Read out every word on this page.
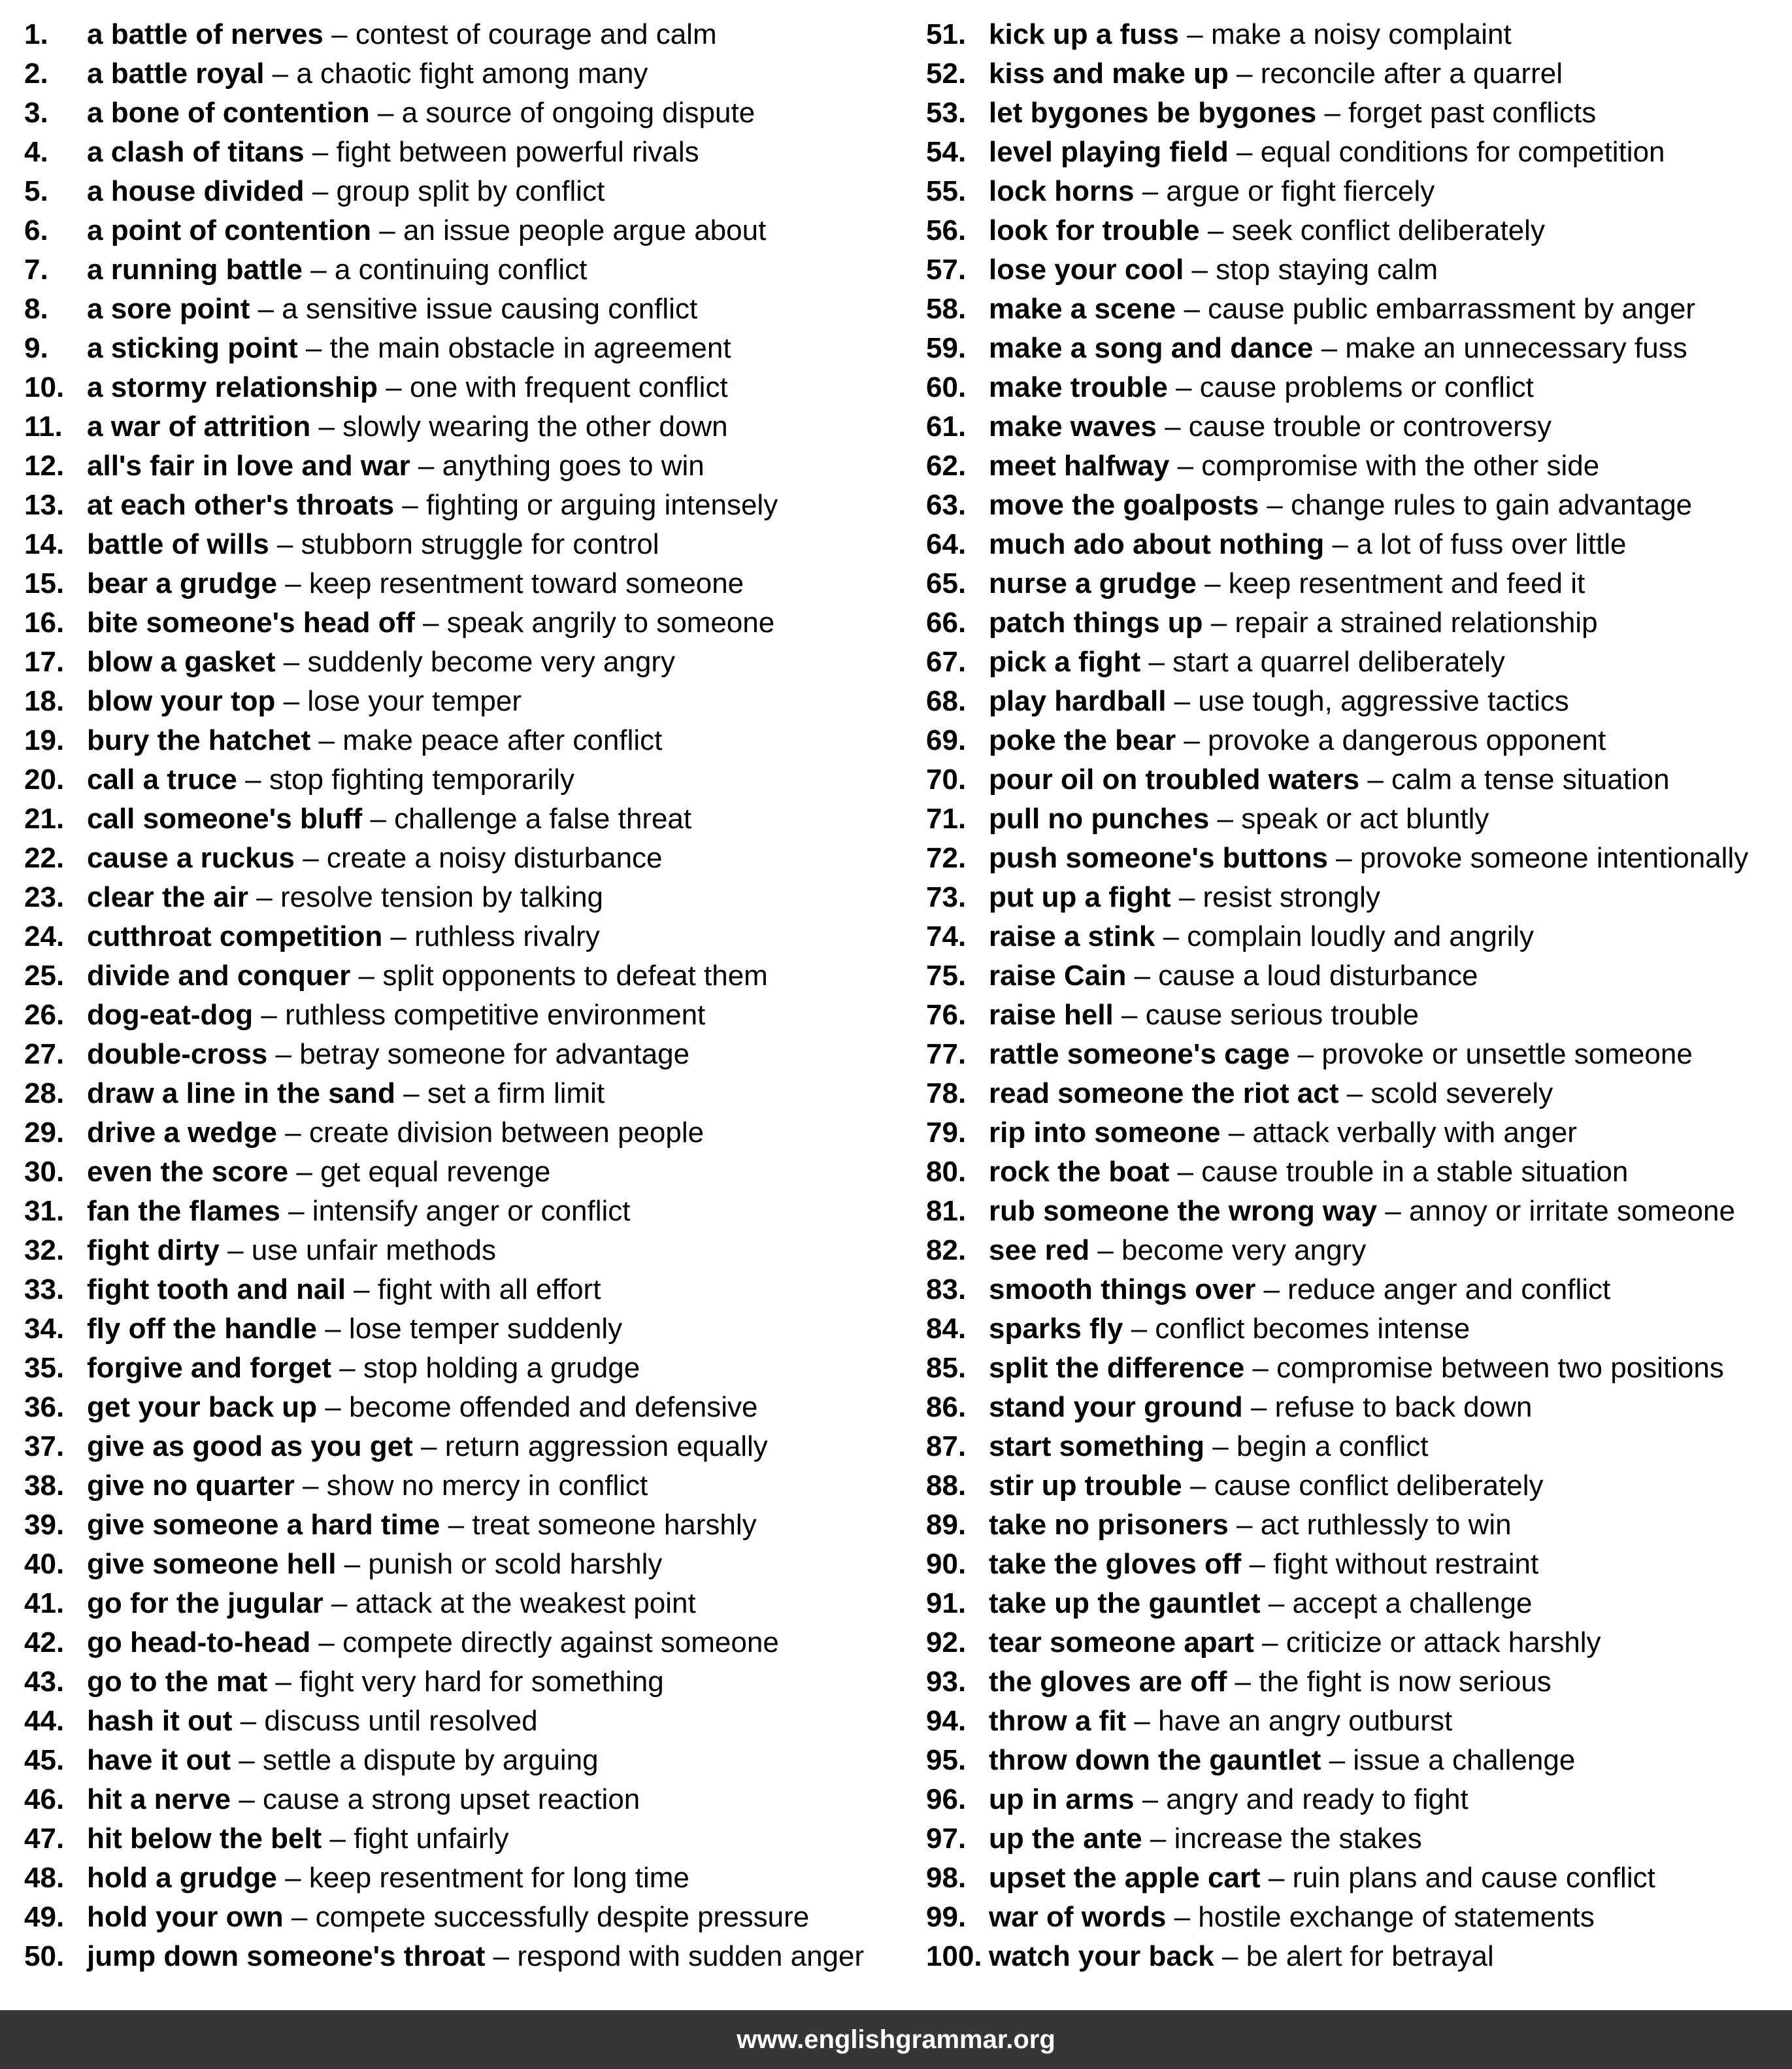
1. a battle of nerves – contest of courage and calm
2. a battle royal – a chaotic fight among many
3. a bone of contention – a source of ongoing dispute
4. a clash of titans – fight between powerful rivals
5. a house divided – group split by conflict
6. a point of contention – an issue people argue about
7. a running battle – a continuing conflict
8. a sore point – a sensitive issue causing conflict
9. a sticking point – the main obstacle in agreement
10. a stormy relationship – one with frequent conflict
11. a war of attrition – slowly wearing the other down
12. all's fair in love and war – anything goes to win
13. at each other's throats – fighting or arguing intensely
14. battle of wills – stubborn struggle for control
15. bear a grudge – keep resentment toward someone
16. bite someone's head off – speak angrily to someone
17. blow a gasket – suddenly become very angry
18. blow your top – lose your temper
19. bury the hatchet – make peace after conflict
20. call a truce – stop fighting temporarily
21. call someone's bluff – challenge a false threat
22. cause a ruckus – create a noisy disturbance
23. clear the air – resolve tension by talking
24. cutthroat competition – ruthless rivalry
25. divide and conquer – split opponents to defeat them
26. dog-eat-dog – ruthless competitive environment
27. double-cross – betray someone for advantage
28. draw a line in the sand – set a firm limit
29. drive a wedge – create division between people
30. even the score – get equal revenge
31. fan the flames – intensify anger or conflict
32. fight dirty – use unfair methods
33. fight tooth and nail – fight with all effort
34. fly off the handle – lose temper suddenly
35. forgive and forget – stop holding a grudge
36. get your back up – become offended and defensive
37. give as good as you get – return aggression equally
38. give no quarter – show no mercy in conflict
39. give someone a hard time – treat someone harshly
40. give someone hell – punish or scold harshly
41. go for the jugular – attack at the weakest point
42. go head-to-head – compete directly against someone
43. go to the mat – fight very hard for something
44. hash it out – discuss until resolved
45. have it out – settle a dispute by arguing
46. hit a nerve – cause a strong upset reaction
47. hit below the belt – fight unfairly
48. hold a grudge – keep resentment for long time
49. hold your own – compete successfully despite pressure
50. jump down someone's throat – respond with sudden anger
51. kick up a fuss – make a noisy complaint
52. kiss and make up – reconcile after a quarrel
53. let bygones be bygones – forget past conflicts
54. level playing field – equal conditions for competition
55. lock horns – argue or fight fiercely
56. look for trouble – seek conflict deliberately
57. lose your cool – stop staying calm
58. make a scene – cause public embarrassment by anger
59. make a song and dance – make an unnecessary fuss
60. make trouble – cause problems or conflict
61. make waves – cause trouble or controversy
62. meet halfway – compromise with the other side
63. move the goalposts – change rules to gain advantage
64. much ado about nothing – a lot of fuss over little
65. nurse a grudge – keep resentment and feed it
66. patch things up – repair a strained relationship
67. pick a fight – start a quarrel deliberately
68. play hardball – use tough, aggressive tactics
69. poke the bear – provoke a dangerous opponent
70. pour oil on troubled waters – calm a tense situation
71. pull no punches – speak or act bluntly
72. push someone's buttons – provoke someone intentionally
73. put up a fight – resist strongly
74. raise a stink – complain loudly and angrily
75. raise Cain – cause a loud disturbance
76. raise hell – cause serious trouble
77. rattle someone's cage – provoke or unsettle someone
78. read someone the riot act – scold severely
79. rip into someone – attack verbally with anger
80. rock the boat – cause trouble in a stable situation
81. rub someone the wrong way – annoy or irritate someone
82. see red – become very angry
83. smooth things over – reduce anger and conflict
84. sparks fly – conflict becomes intense
85. split the difference – compromise between two positions
86. stand your ground – refuse to back down
87. start something – begin a conflict
88. stir up trouble – cause conflict deliberately
89. take no prisoners – act ruthlessly to win
90. take the gloves off – fight without restraint
91. take up the gauntlet – accept a challenge
92. tear someone apart – criticize or attack harshly
93. the gloves are off – the fight is now serious
94. throw a fit – have an angry outburst
95. throw down the gauntlet – issue a challenge
96. up in arms – angry and ready to fight
97. up the ante – increase the stakes
98. upset the apple cart – ruin plans and cause conflict
99. war of words – hostile exchange of statements
100. watch your back – be alert for betrayal
www.englishgrammar.org
